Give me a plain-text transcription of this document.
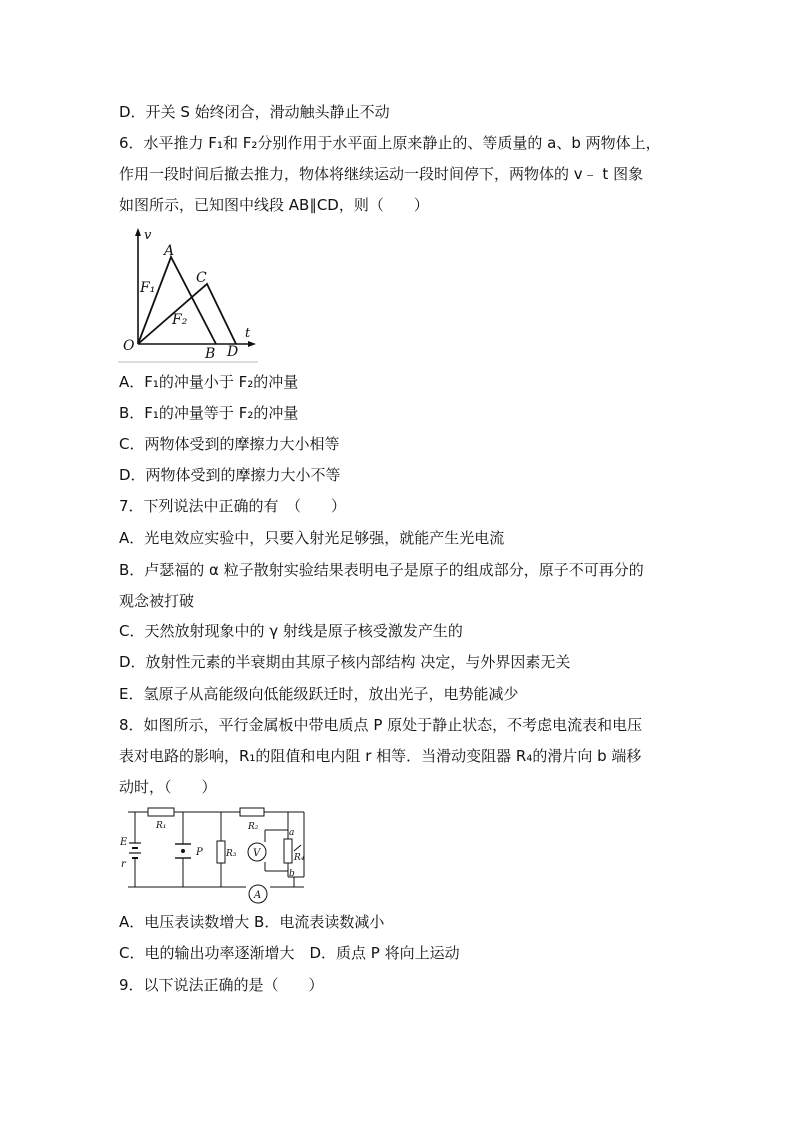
D．开关 S 始终闭合，滑动触头静止不动
6．水平推力 F₁和 F₂分别作用于水平面上原来静止的、等质量的 a、b 两物体上，
作用一段时间后撤去推力，物体将继续运动一段时间停下，两物体的 v﹣ t 图象
如图所示，已知图中线段 AB∥CD，则（　　）
v
t
O
A
C
B D
F₁
F₂
A．F₁的冲量小于 F₂的冲量
B．F₁的冲量等于 F₂的冲量
C．两物体受到的摩擦力大小相等
D．两物体受到的摩擦力大小不等
7．下列说法中正确的有　（　　）
A．光电效应实验中，只要入射光足够强，就能产生光电流
B．卢瑟福的 α 粒子散射实验结果表明电子是原子的组成部分，原子不可再分的
观念被打破
C．天然放射现象中的 γ 射线是原子核受激发产生的
D．放射性元素的半衰期由其原子核内部结构 决定，与外界因素无关
E．氢原子从高能级向低能级跃迁时，放出光子，电势能减少
8．如图所示，平行金属板中带电质点 P 原处于静止状态，不考虑电流表和电压
表对电路的影响，R₁的阻值和电内阻 r 相等．当滑动变阻器 R₄的滑片向 b 端移
动时，（　　）
E
r
R₁	R₂
R₃	R₄
P
a
b
V
A
A．电压表读数增大 B．电流表读数减小
C．电的输出功率逐渐增大　D．质点 P 将向上运动
9．以下说法正确的是（　　）
